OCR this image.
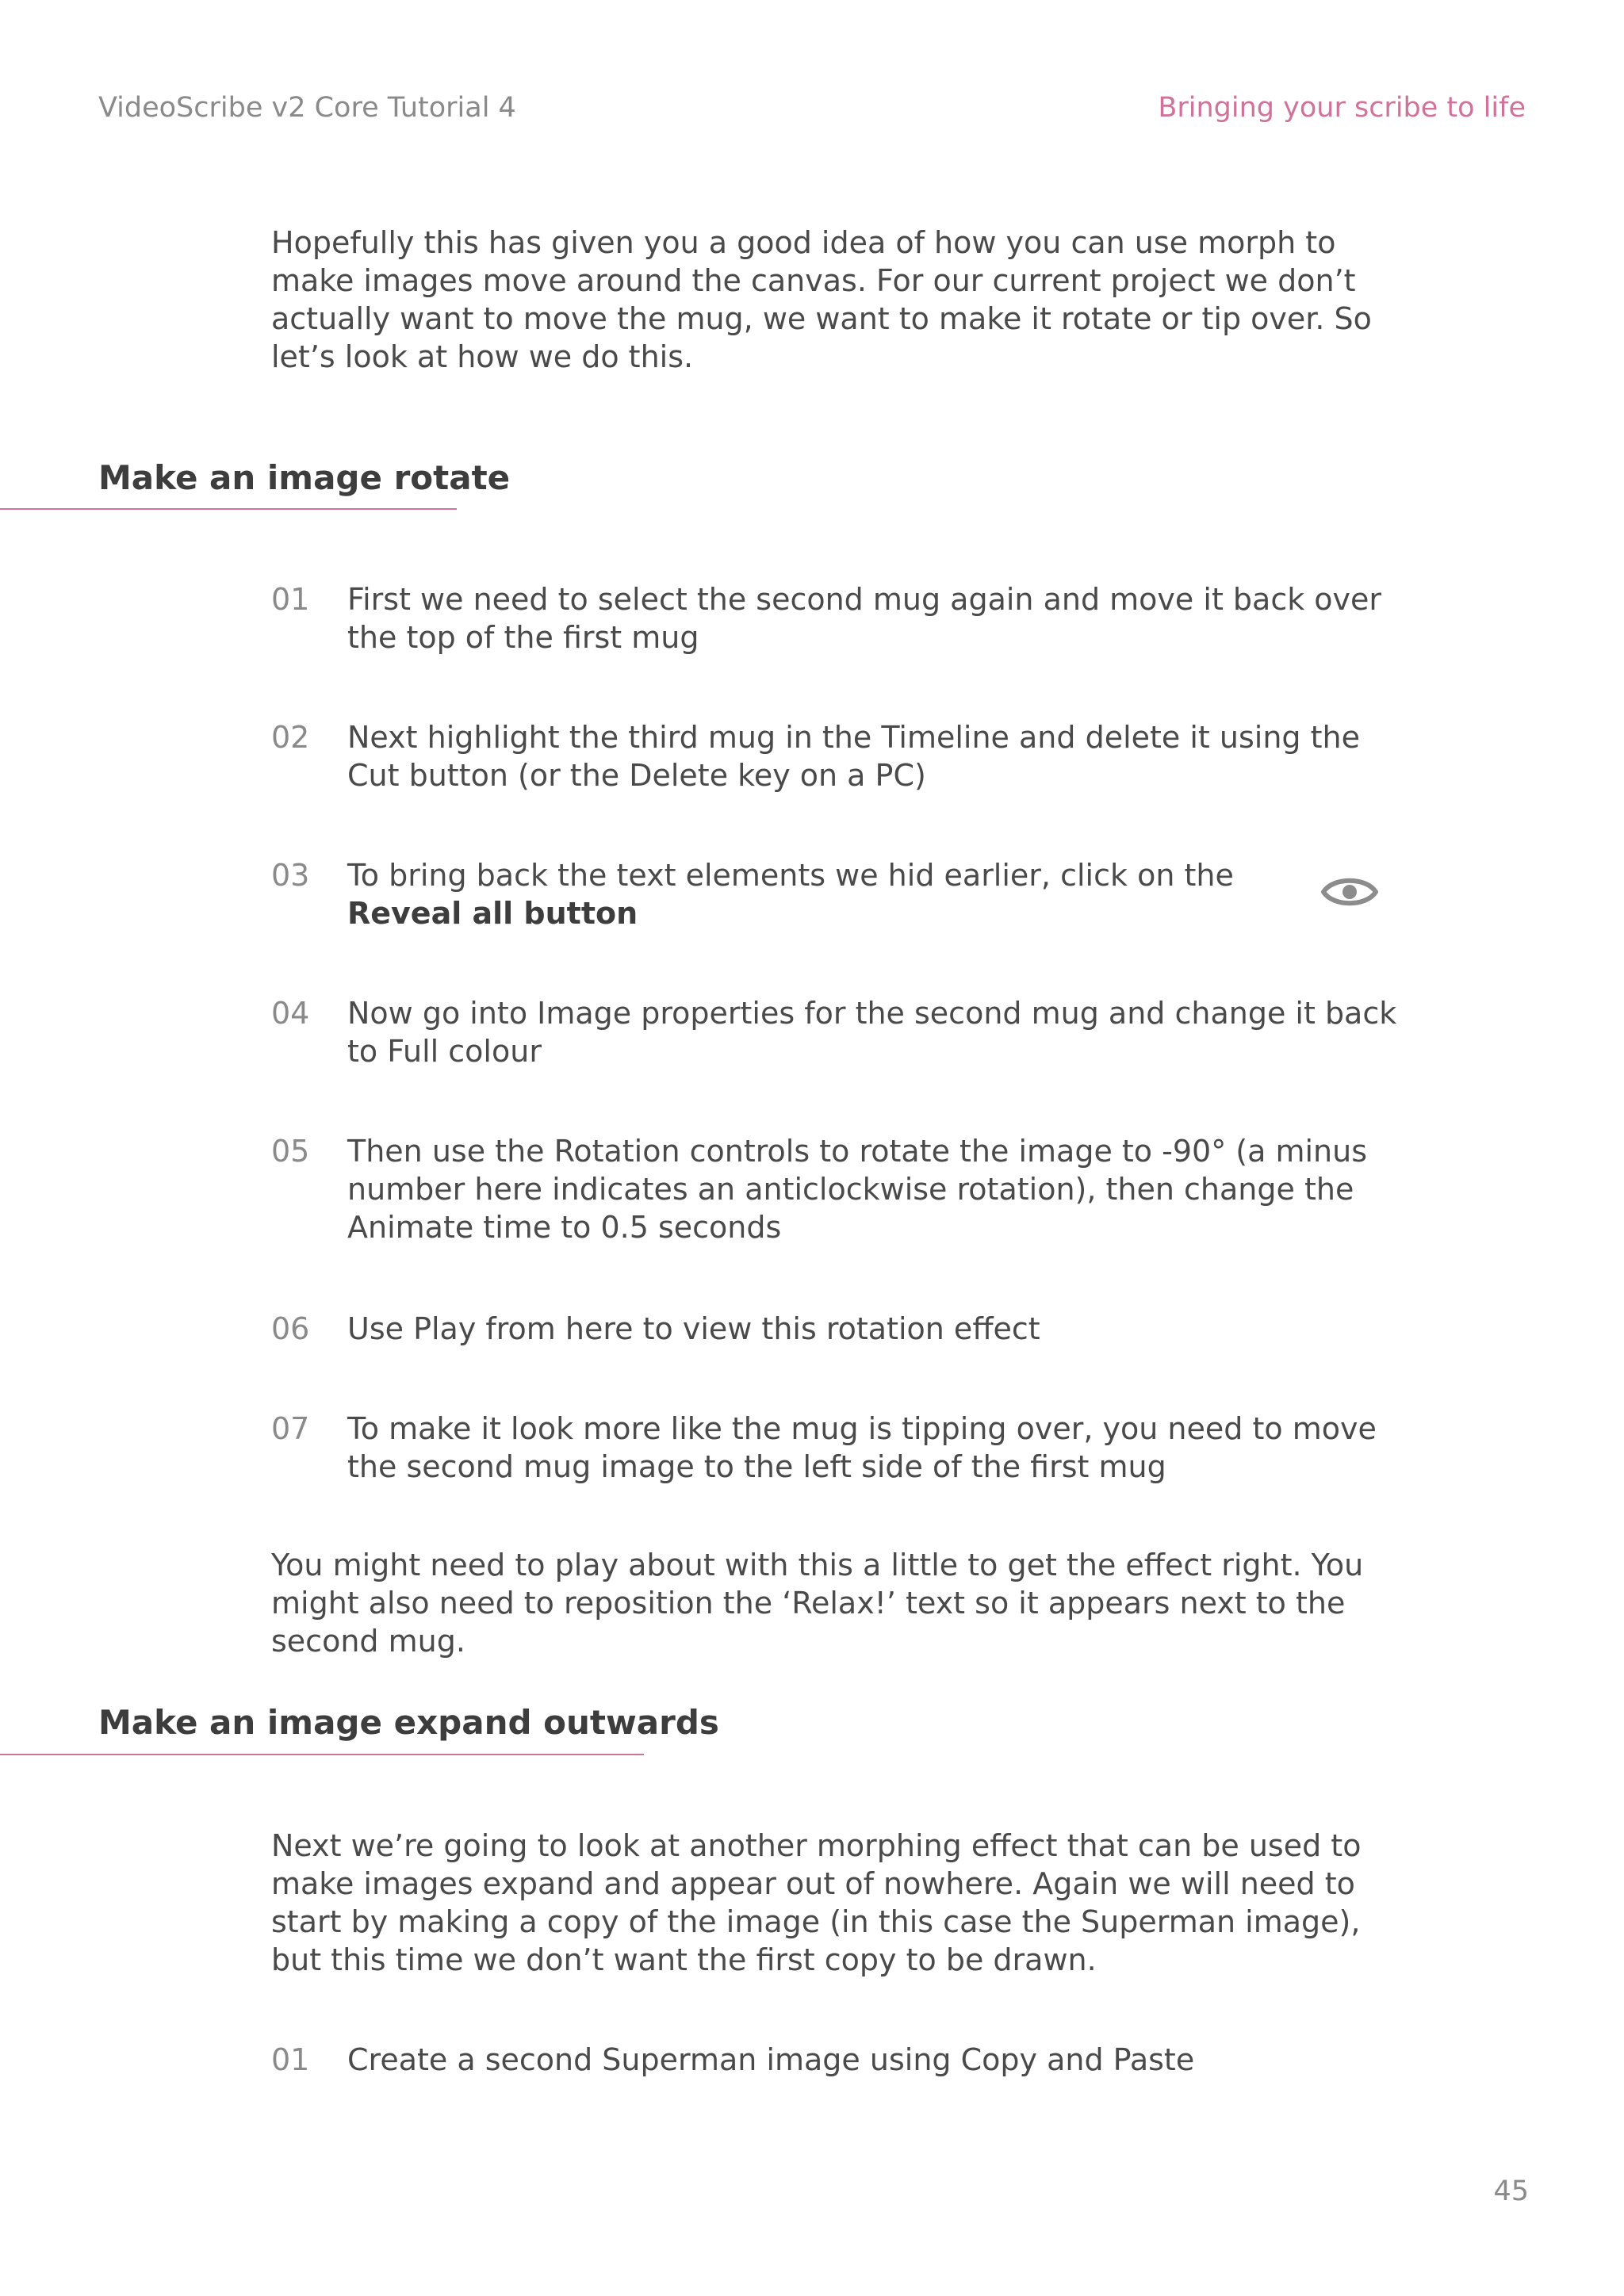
VideoScribe v2 Core Tutorial 4	Bringing your scribe to life

Hopefully this has given you a good idea of how you can use morph to make images move around the canvas. For our current project we don’t actually want to move the mug, we want to make it rotate or tip over. So let’s look at how we do this.

Make an image rotate
01 First we need to select the second mug again and move it back over the top of the first mug
02 Next highlight the third mug in the Timeline and delete it using the Cut button (or the Delete key on a PC)
03 To bring back the text elements we hid earlier, click on the Reveal all button
04 Now go into Image properties for the second mug and change it back to Full colour
05 Then use the Rotation controls to rotate the image to -90° (a minus number here indicates an anticlockwise rotation), then change the Animate time to 0.5 seconds
06 Use Play from here to view this rotation effect
07 To make it look more like the mug is tipping over, you need to move the second mug image to the left side of the first mug

You might need to play about with this a little to get the effect right. You might also need to reposition the ‘Relax!’ text so it appears next to the second mug.

Make an image expand outwards

Next we’re going to look at another morphing effect that can be used to make images expand and appear out of nowhere. Again we will need to start by making a copy of the image (in this case the Superman image), but this time we don’t want the first copy to be drawn.

01 Create a second Superman image using Copy and Paste
45
